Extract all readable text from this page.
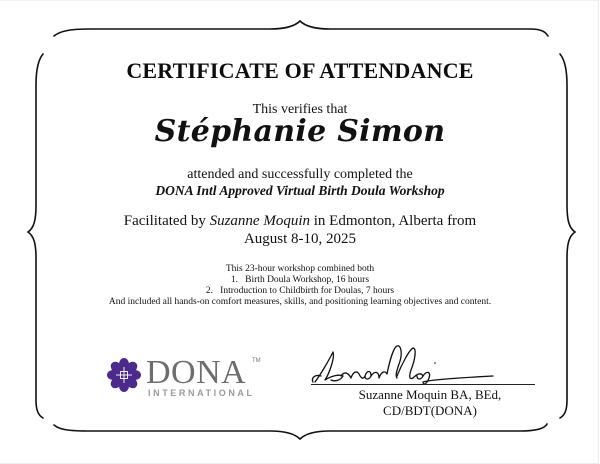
CERTIFICATE OF ATTENDANCE
This verifies that
Stéphanie Simon
attended and successfully completed the
DONA Intl Approved Virtual Birth Doula Workshop
Facilitated by Suzanne Moquin in Edmonton, Alberta from
August 8-10, 2025
This 23-hour workshop combined both
1.   Birth Doula Workshop, 16 hours
2.   Introduction to Childbirth for Doulas, 7 hours
And included all hands-on comfort measures, skills, and positioning learning objectives and content.
DONA TM
INTERNATIONAL	Suzanne Moquin BA, BEd,
CD/BDT(DONA)
